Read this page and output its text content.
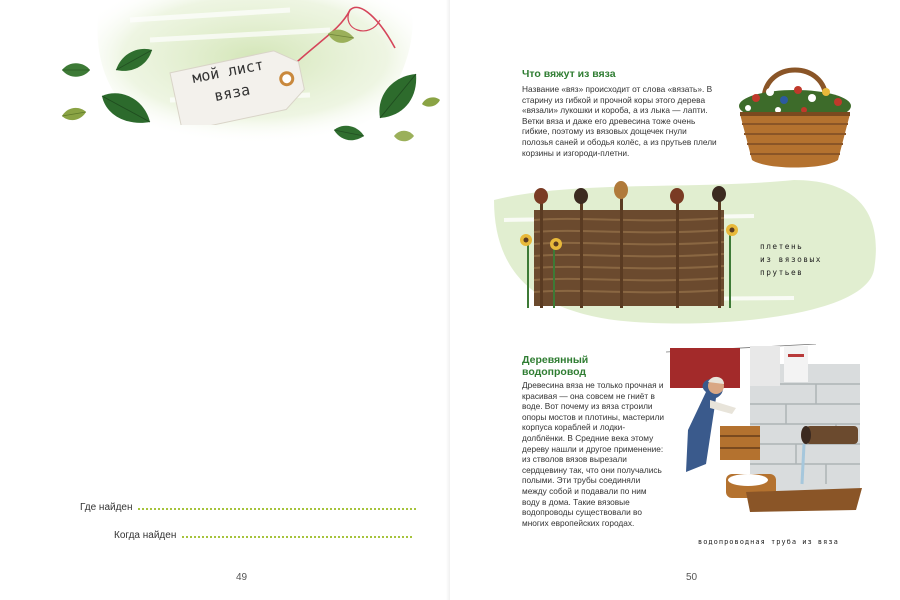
мой лист
вяза
Где найден
Когда найден
49
Что вяжут из вяза
Название «вяз» происходит от слова «вязать». В старину из гибкой и прочной коры этого дерева «вязали» лукошки и короба, а из лыка — лапти. Ветки вяза и даже его древесина тоже очень гибкие, поэтому из вязовых дощечек гнули полозья саней и ободья колёс, а из прутьев плели корзины и изгороди-плетни.
плетень
из вязовых
прутьев
Деревянный
водопровод
Древесина вяза не только прочная и красивая — она совсем не гниёт в воде. Вот почему из вяза строили опоры мостов и плотины, мастерили корпуса кораблей и лодки-долблёнки. В Средние века этому дереву нашли и другое применение: из стволов вязов вырезали сердцевину так, что они получались полыми. Эти трубы соединяли между собой и подавали по ним воду в дома. Такие вязовые водопроводы существовали во многих европейских городах.
водопроводная труба из вяза
50
